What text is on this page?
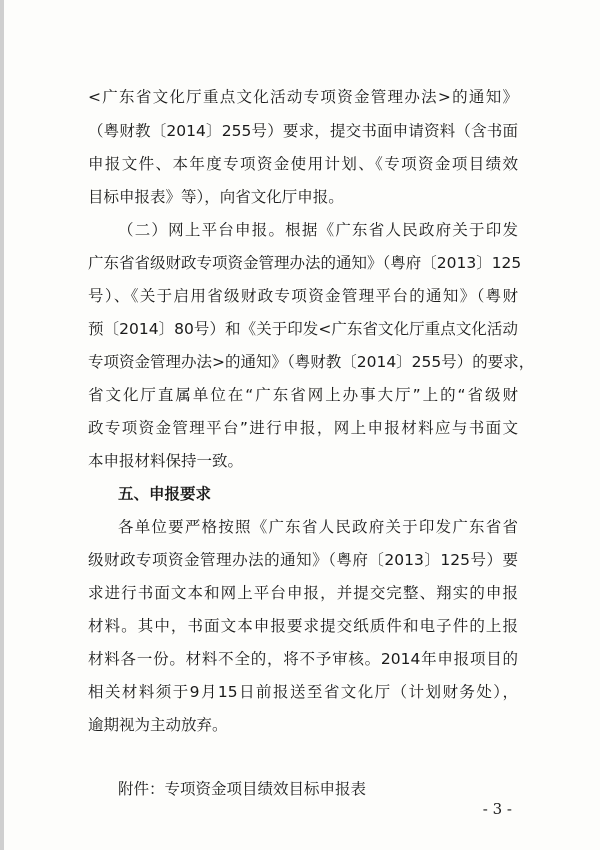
<广东省文化厅重点文化活动专项资金管理办法>的通知》
（粤财教〔2014〕255号）要求，提交书面申请资料（含书面
申报文件、本年度专项资金使用计划、《专项资金项目绩效
目标申报表》等），向省文化厅申报。
（二）网上平台申报。根据《广东省人民政府关于印发
广东省省级财政专项资金管理办法的通知》（粤府〔2013〕125
号）、《关于启用省级财政专项资金管理平台的通知》（粤财
预〔2014〕80号）和《关于印发<广东省文化厅重点文化活动
专项资金管理办法>的通知》（粤财教〔2014〕255号）的要求，
省文化厅直属单位在“广东省网上办事大厅”上的“省级财
政专项资金管理平台”进行申报，网上申报材料应与书面文
本申报材料保持一致。
五、申报要求
各单位要严格按照《广东省人民政府关于印发广东省省
级财政专项资金管理办法的通知》（粤府〔2013〕125号）要
求进行书面文本和网上平台申报，并提交完整、翔实的申报
材料。其中，书面文本申报要求提交纸质件和电子件的上报
材料各一份。材料不全的，将不予审核。2014年申报项目的
相关材料须于9月15日前报送至省文化厅（计划财务处），
逾期视为主动放弃。
- 3 -
附件：专项资金项目绩效目标申报表
